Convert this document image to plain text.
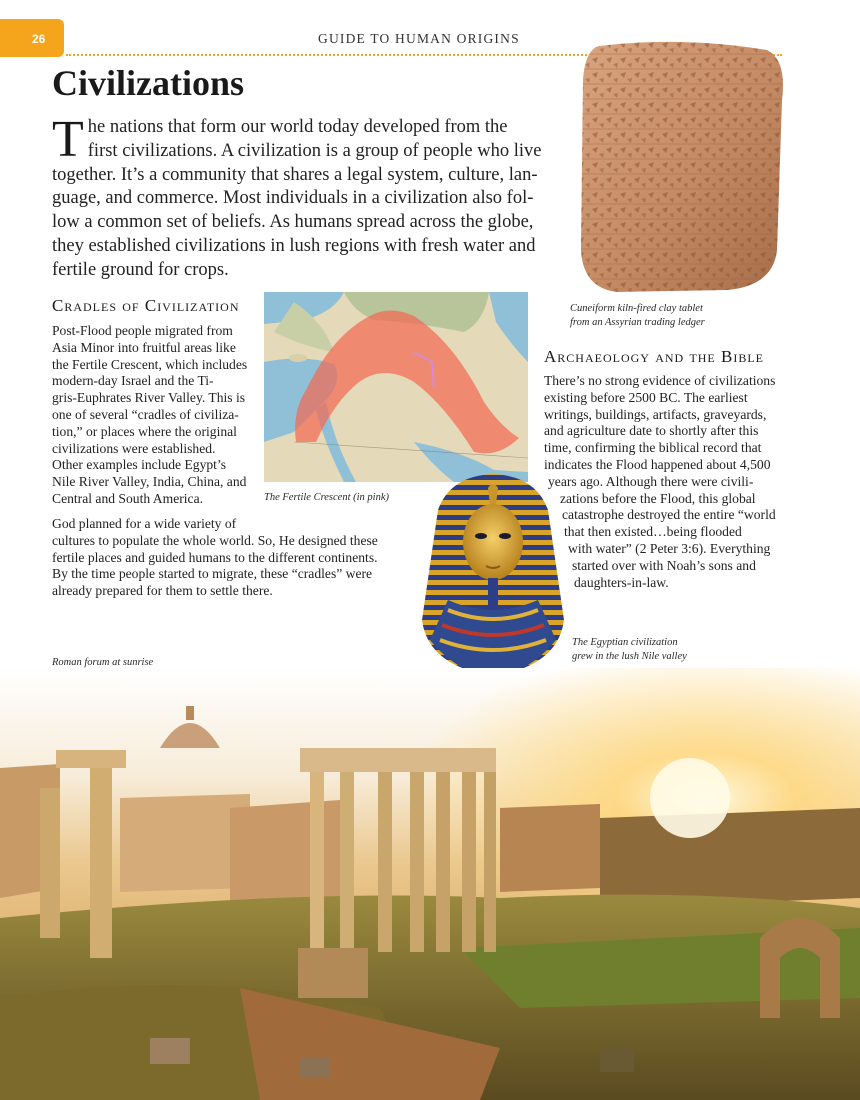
26	GUIDE TO HUMAN ORIGINS
Civilizations
T he nations that form our world today developed from the
first civilizations. A civilization is a group of people who live
together. It’s a community that shares a legal system, culture, lan-
guage, and commerce. Most individuals in a civilization also fol-
low a common set of beliefs. As humans spread across the globe,
they established civilizations in lush regions with fresh water and
fertile ground for crops.
Cuneiform kiln-fired clay tablet
from an Assyrian trading ledger
Cradles of Civilization
Post-Flood people migrated from
Asia Minor into fruitful areas like
the Fertile Crescent, which includes
modern-day Israel and the Ti-
gris-Euphrates River Valley. This is
one of several “cradles of civiliza-
tion,” or places where the original
civilizations were established.
Other examples include Egypt’s
Nile River Valley, India, China, and
Central and South America.
God planned for a wide variety of
cultures to populate the whole world. So, He designed these
fertile places and guided humans to the different continents.
By the time people started to migrate, these “cradles” were
already prepared for them to settle there.
The Fertile Crescent (in pink)
Archaeology and the Bible
There’s no strong evidence of civilizations
existing before 2500 BC. The earliest
writings, buildings, artifacts, graveyards,
and agriculture date to shortly after this
time, confirming the biblical record that
indicates the Flood happened about 4,500
years ago. Although there were civili-
zations before the Flood, this global
catastrophe destroyed the entire “world
that then existed…being flooded
with water” (2 Peter 3:6). Everything
started over with Noah’s sons and
daughters-in-law.
The Egyptian civilization
grew in the lush Nile valley
Roman forum at sunrise
